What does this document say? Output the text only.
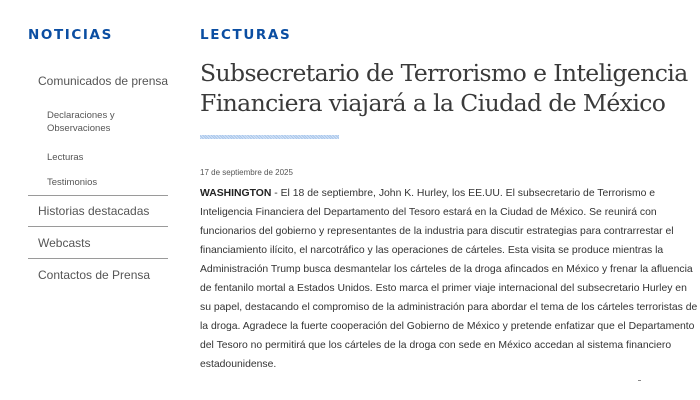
NOTICIAS
Comunicados de prensa
Declaraciones y Observaciones
Lecturas
Testimonios
Historias destacadas
Webcasts
Contactos de Prensa
LECTURAS
Subsecretario de Terrorismo e Inteligencia Financiera viajará a la Ciudad de México
17 de septiembre de 2025

WASHINGTON - El 18 de septiembre, John K. Hurley, los EE.UU. El subsecretario de Terrorismo e Inteligencia Financiera del Departamento del Tesoro estará en la Ciudad de México. Se reunirá con funcionarios del gobierno y representantes de la industria para discutir estrategias para contrarrestar el financiamiento ilícito, el narcotráfico y las operaciones de cárteles. Esta visita se produce mientras la Administración Trump busca desmantelar los cárteles de la droga afincados en México y frenar la afluencia de fentanilo mortal a Estados Unidos. Esto marca el primer viaje internacional del subsecretario Hurley en su papel, destacando el compromiso de la administración para abordar el tema de los cárteles terroristas de la droga. Agradece la fuerte cooperación del Gobierno de México y pretende enfatizar que el Departamento del Tesoro no permitirá que los cárteles de la droga con sede en México accedan al sistema financiero estadounidense.
